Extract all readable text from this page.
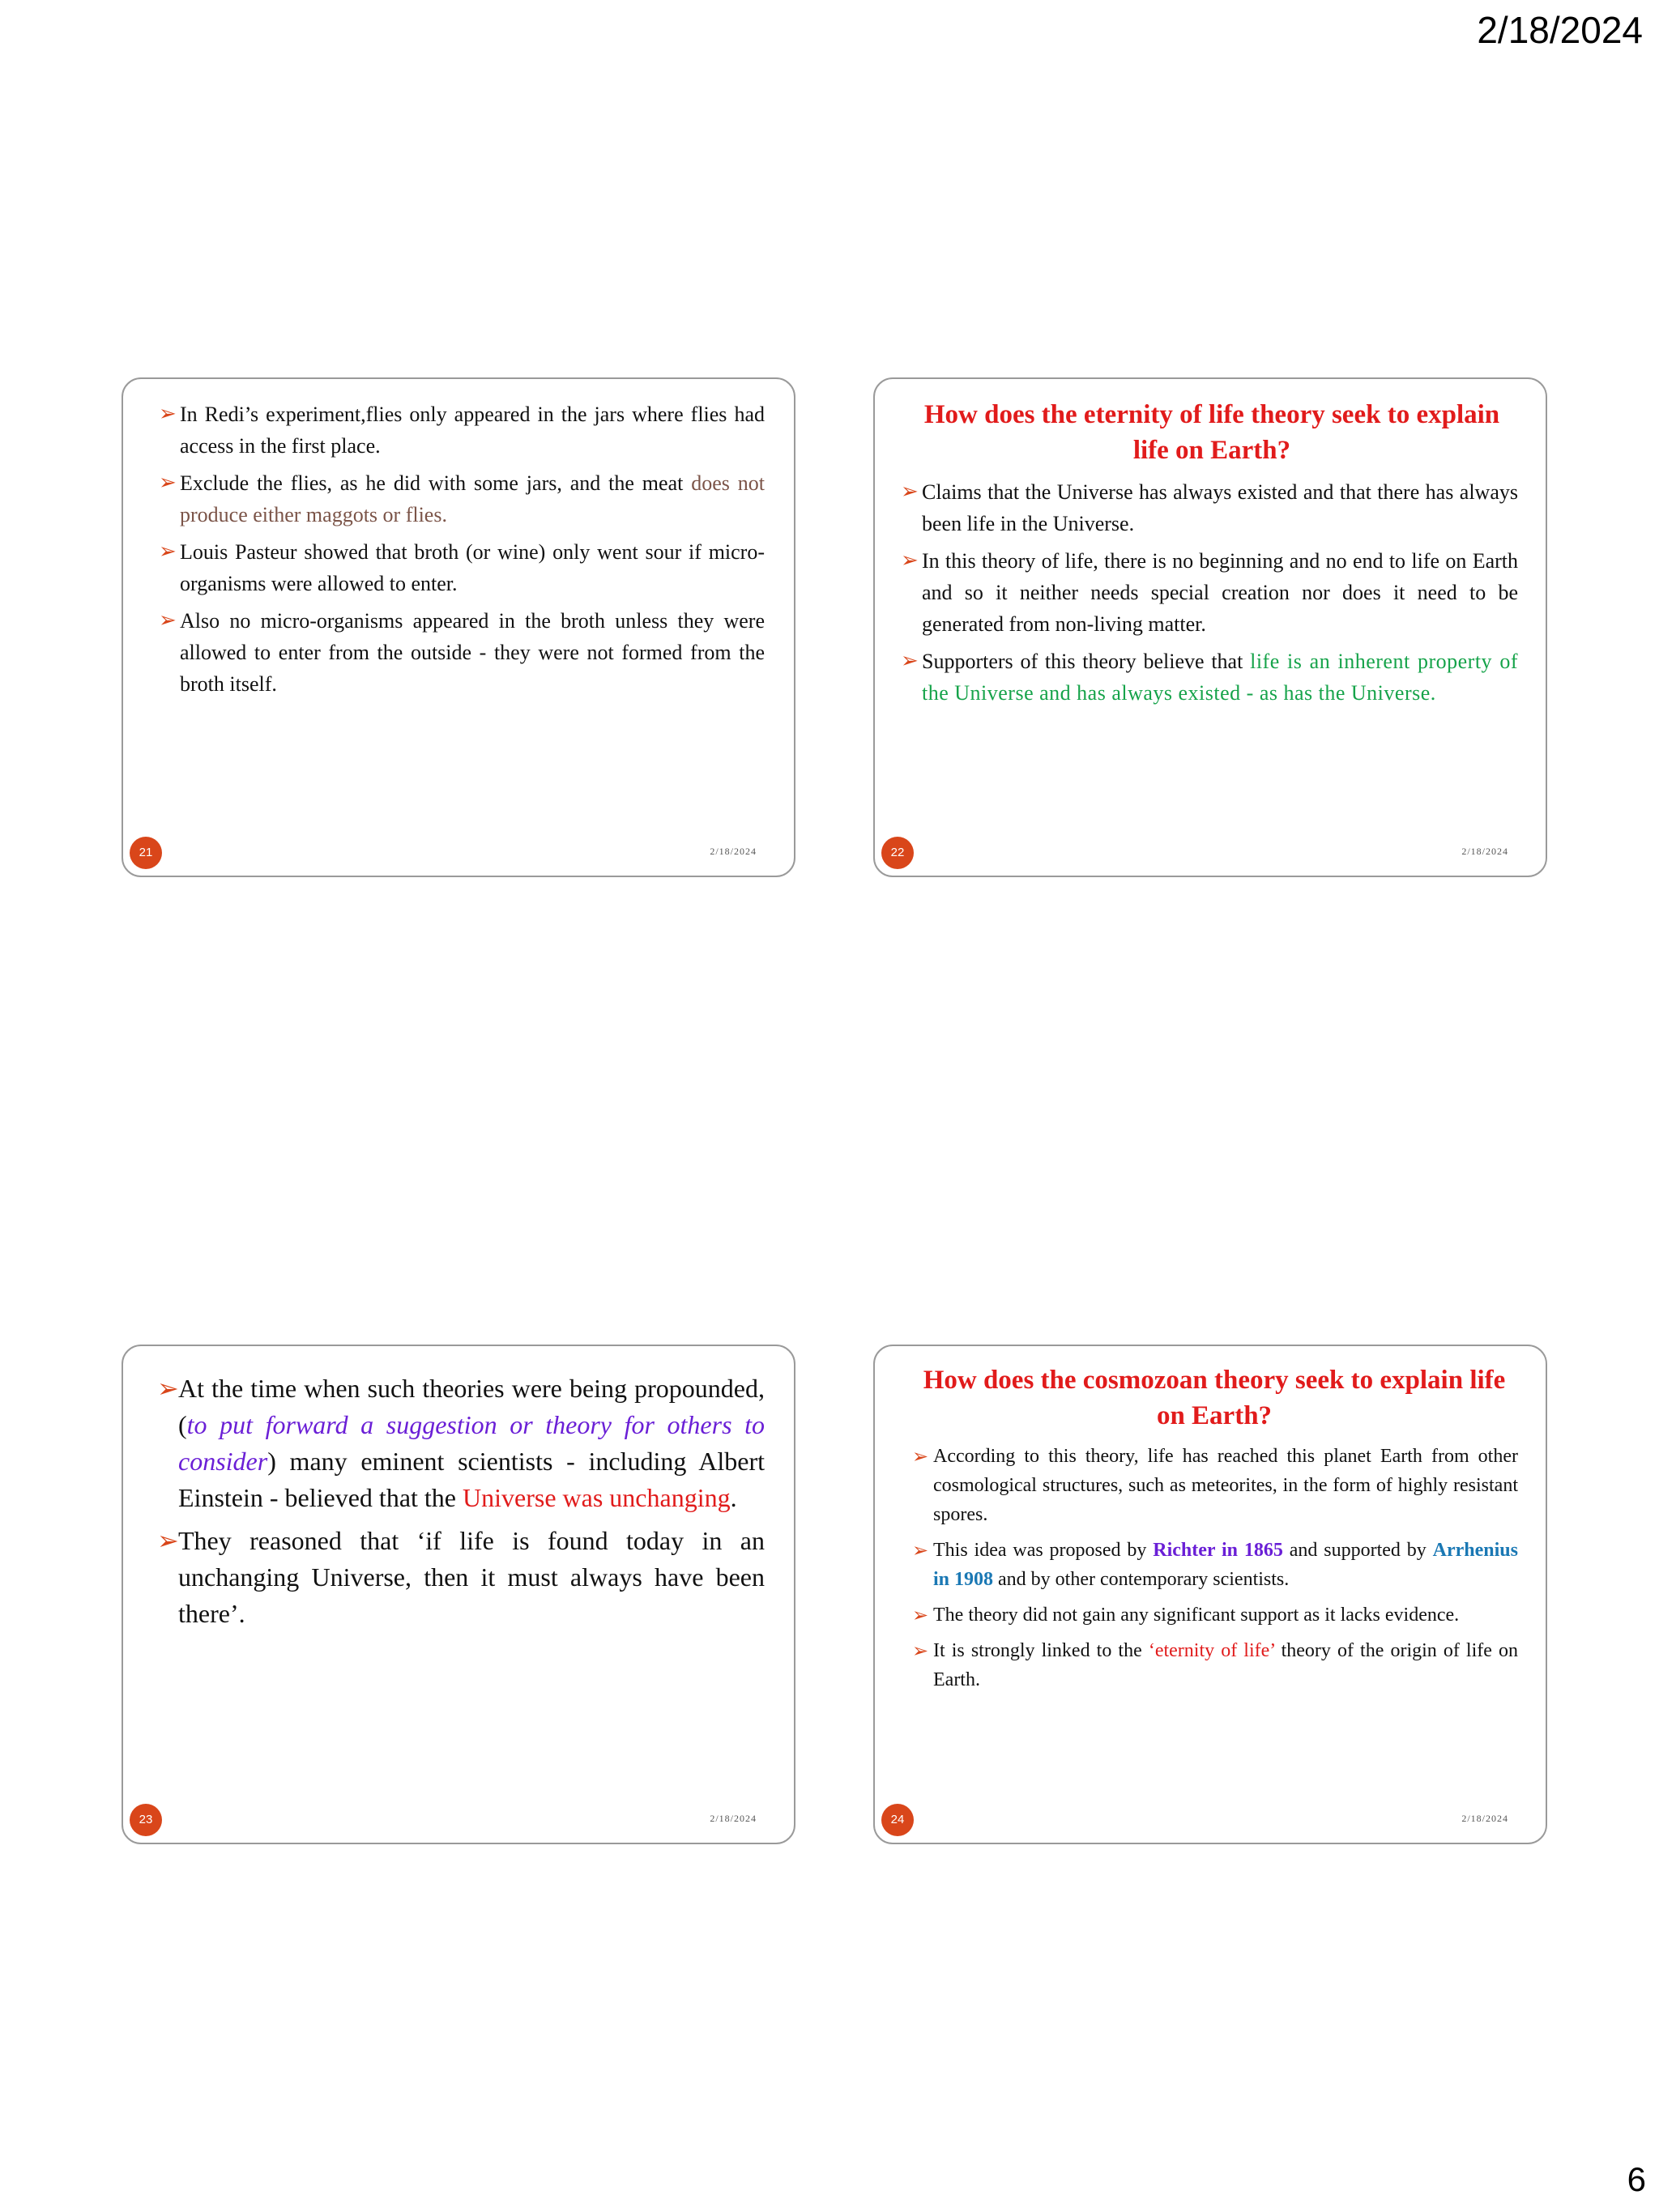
2/18/2024
➢ In Redi’s experiment,flies only appeared in the jars where flies had access in the first place.
➢ Exclude the flies, as he did with some jars, and the meat does not produce either maggots or flies.
➢ Louis Pasteur showed that broth (or wine) only went sour if micro-organisms were allowed to enter.
➢ Also no micro-organisms appeared in the broth unless they were allowed to enter from the outside - they were not formed from the broth itself.
21	2/18/2024
How does the eternity of life theory seek to explain life on Earth?
➢ Claims that the Universe has always existed and that there has always been life in the Universe.
➢ In this theory of life, there is no beginning and no end to life on Earth and so it neither needs special creation nor does it need to be generated from non-living matter.
➢ Supporters of this theory believe that life is an inherent property of the Universe and has always existed - as has the Universe.
22	2/18/2024
➢ At the time when such theories were being propounded, (to put forward a suggestion or theory for others to consider) many eminent scientists - including Albert Einstein - believed that the Universe was unchanging.
➢ They reasoned that ‘if life is found today in an unchanging Universe, then it must always have been there’.
23	2/18/2024
How does the cosmozoan theory seek to explain life on Earth?
➢ According to this theory, life has reached this planet Earth from other cosmological structures, such as meteorites, in the form of highly resistant spores.
➢ This idea was proposed by Richter in 1865 and supported by Arrhenius in 1908 and by other contemporary scientists.
➢ The theory did not gain any significant support as it lacks evidence.
➢ It is strongly linked to the ‘eternity of life’ theory of the origin of life on Earth.
24	2/18/2024
6
